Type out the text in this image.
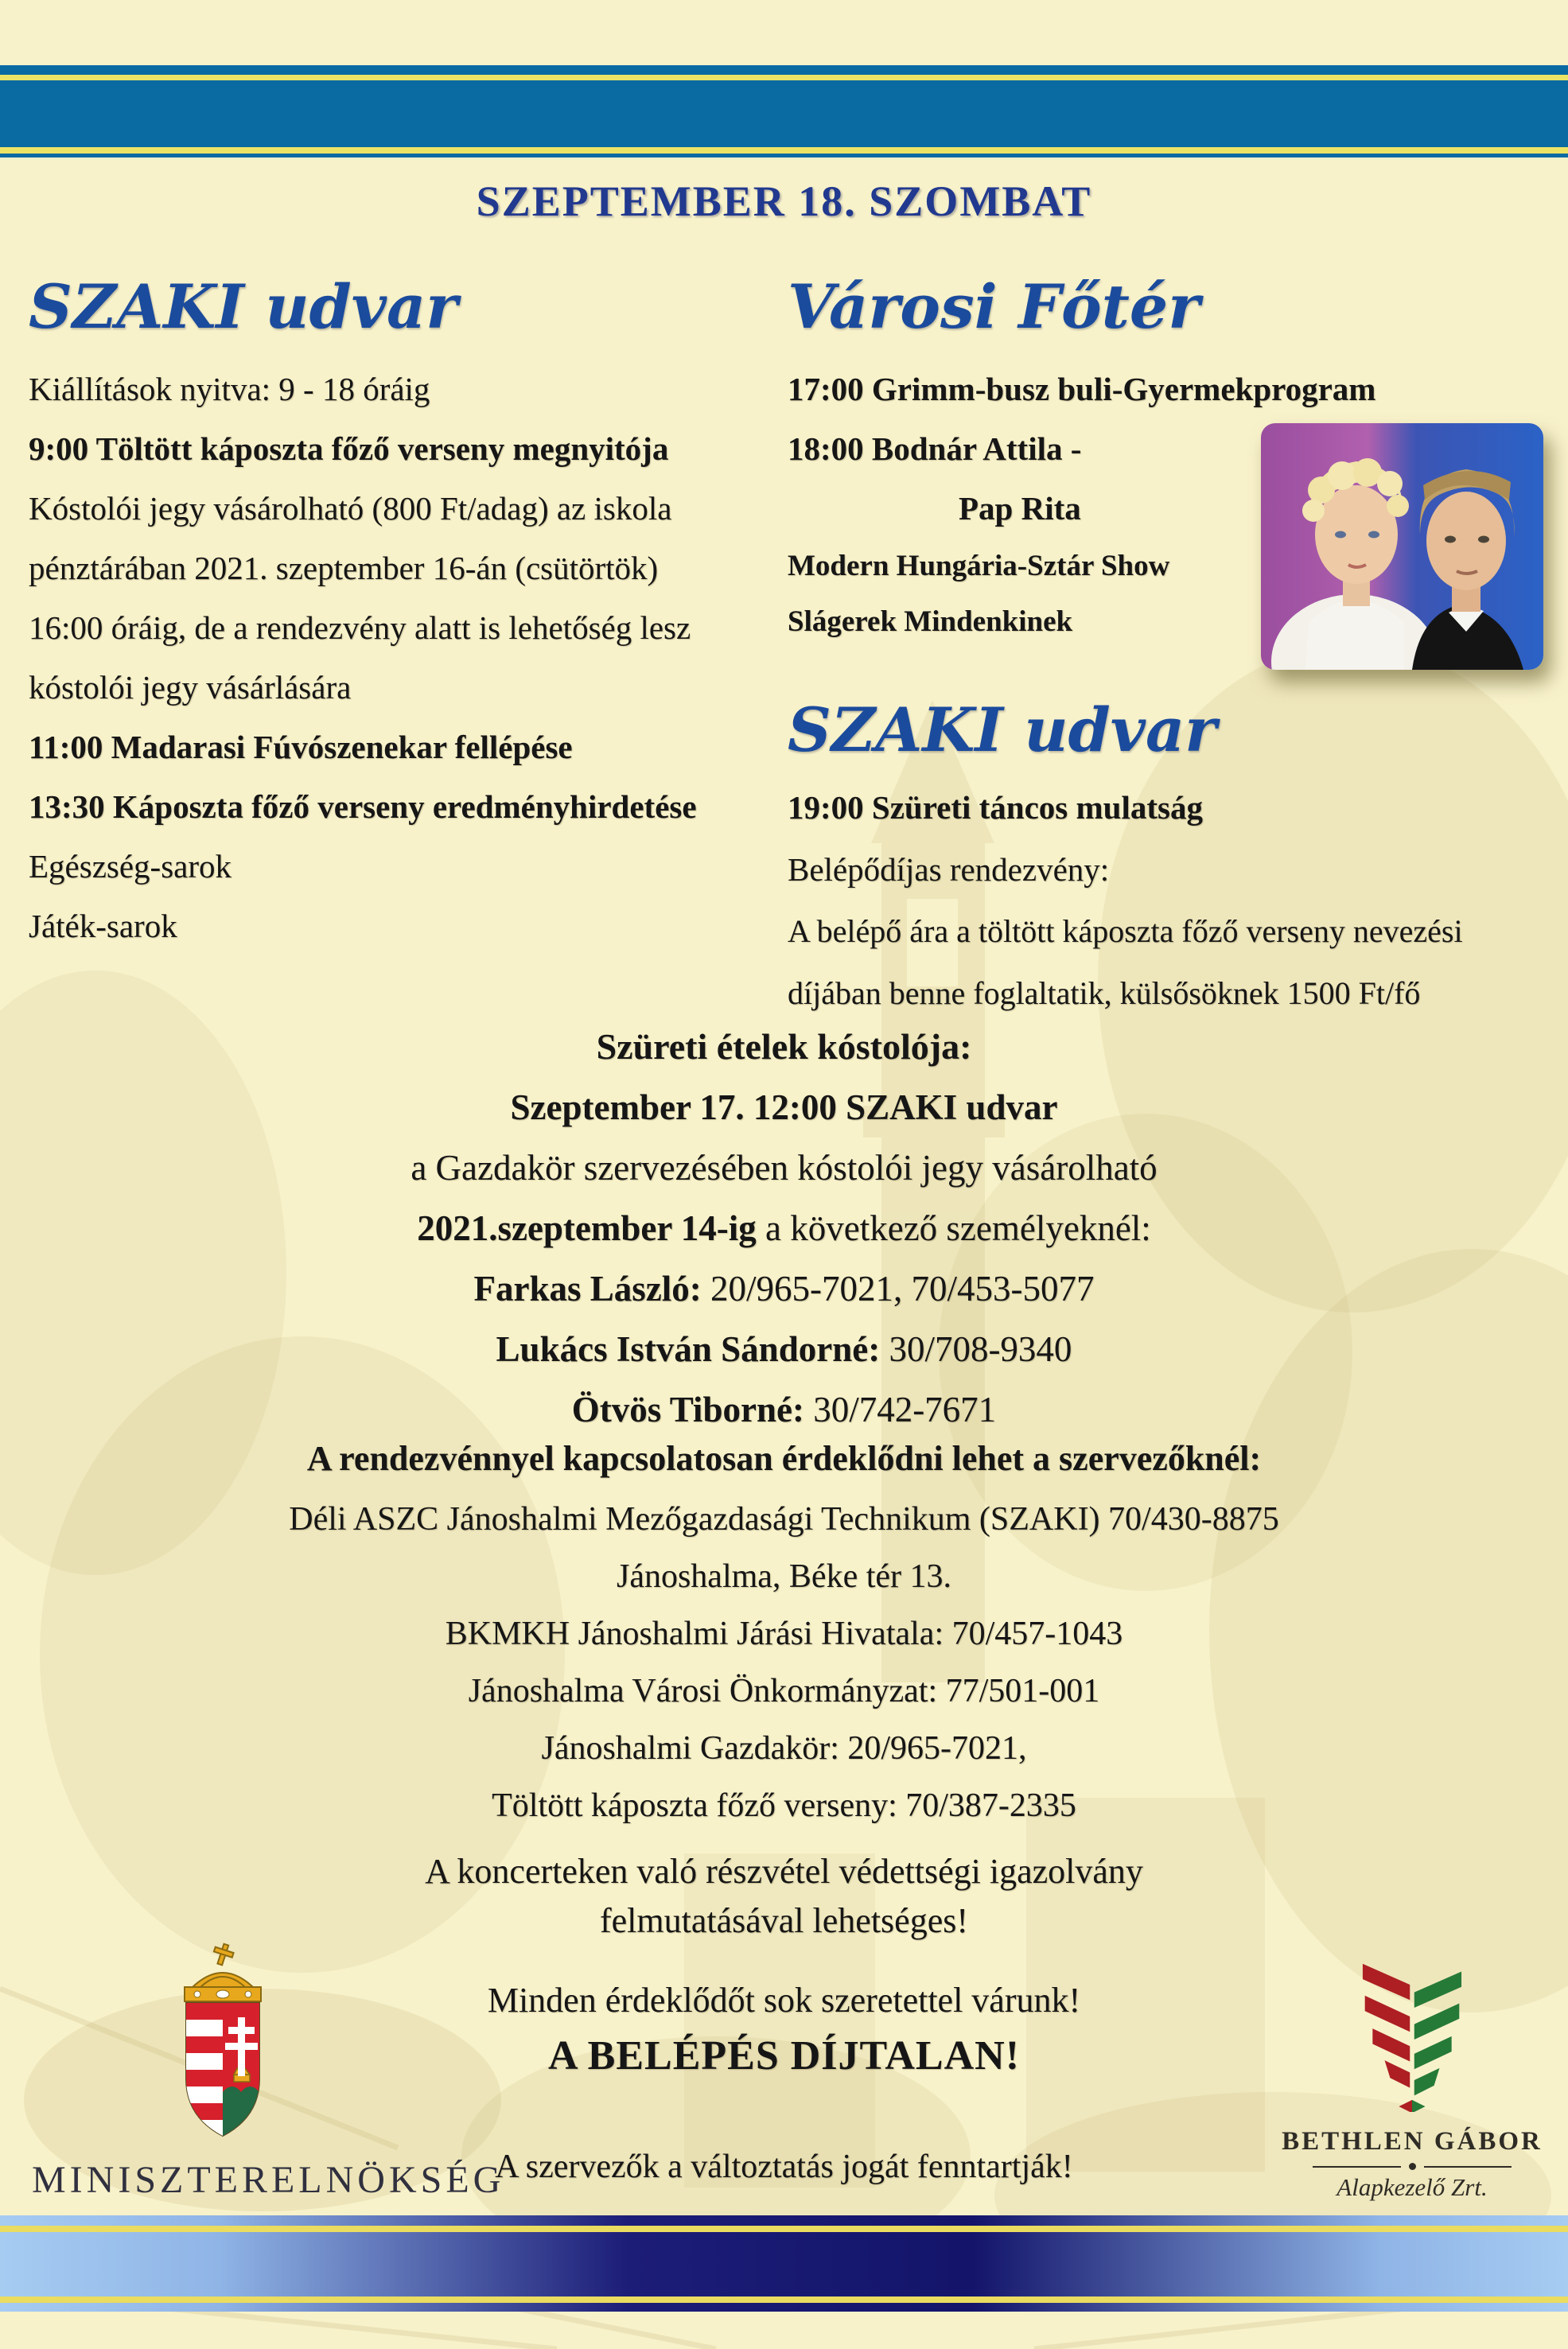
SZEPTEMBER 18. SZOMBAT
SZAKI udvar

Kiállítások nyitva: 9 - 18 óráig

9:00 Töltött káposzta főző verseny megnyitója

Kóstolói jegy vásárolható (800 Ft/adag) az iskola

pénztárában 2021. szeptember 16-án (csütörtök)

16:00 óráig, de a rendezvény alatt is lehetőség lesz

kóstolói jegy vásárlására

11:00 Madarasi Fúvószenekar fellépése

13:30 Káposzta főző verseny eredményhirdetése

Egészség-sarok

Játék-sarok

Városi Főtér

17:00 Grimm-busz buli-Gyermekprogram

18:00 Bodnár Attila -

Pap Rita

Modern Hungária-Sztár Show

Slágerek Mindenkinek

SZAKI udvar

19:00 Szüreti táncos mulatság

Belépődíjas rendezvény:

A belépő ára a töltött káposzta főző verseny nevezési

díjában benne foglaltatik, külsősöknek 1500 Ft/fő

Szüreti ételek kóstolója:

Szeptember 17. 12:00 SZAKI udvar

a Gazdakör szervezésében kóstolói jegy vásárolható

2021.szeptember 14-ig a következő személyeknél:

Farkas László: 20/965-7021, 70/453-5077

Lukács István Sándorné: 30/708-9340

Ötvös Tiborné: 30/742-7671

A rendezvénnyel kapcsolatosan érdeklődni lehet a szervezőknél:

Déli ASZC Jánoshalmi Mezőgazdasági Technikum (SZAKI) 70/430-8875

Jánoshalma, Béke tér 13.

BKMKH Jánoshalmi Járási Hivatala: 70/457-1043

Jánoshalma Városi Önkormányzat: 77/501-001

Jánoshalmi Gazdakör: 20/965-7021,

Töltött káposzta főző verseny: 70/387-2335

A koncerteken való részvétel védettségi igazolvány

felmutatásával lehetséges!

Minden érdeklődőt sok szeretettel várunk!

A BELÉPÉS DÍJTALAN!

A szervezők a változtatás jogát fenntartják!
MINISZTERELNÖKSÉG
BETHLEN GÁBOR
Alapkezelő Zrt.
